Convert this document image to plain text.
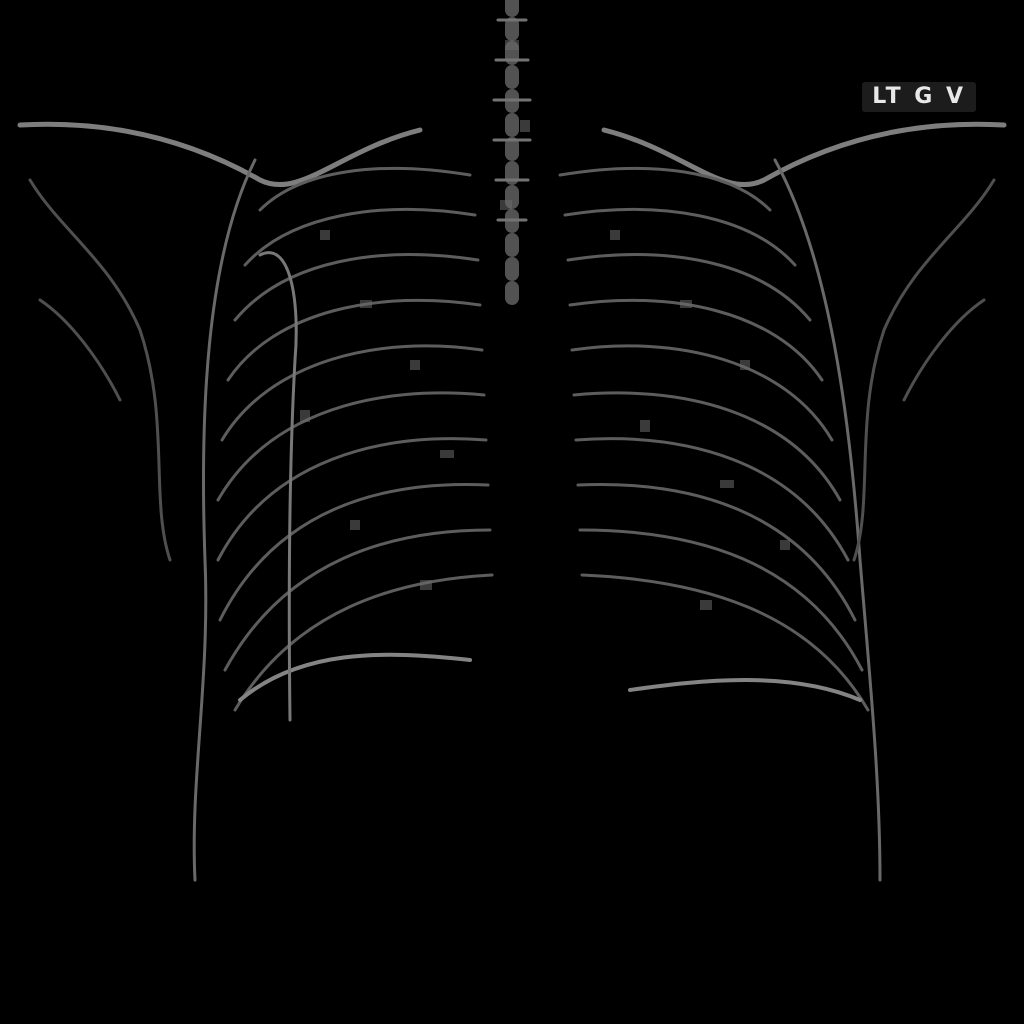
LT G V
